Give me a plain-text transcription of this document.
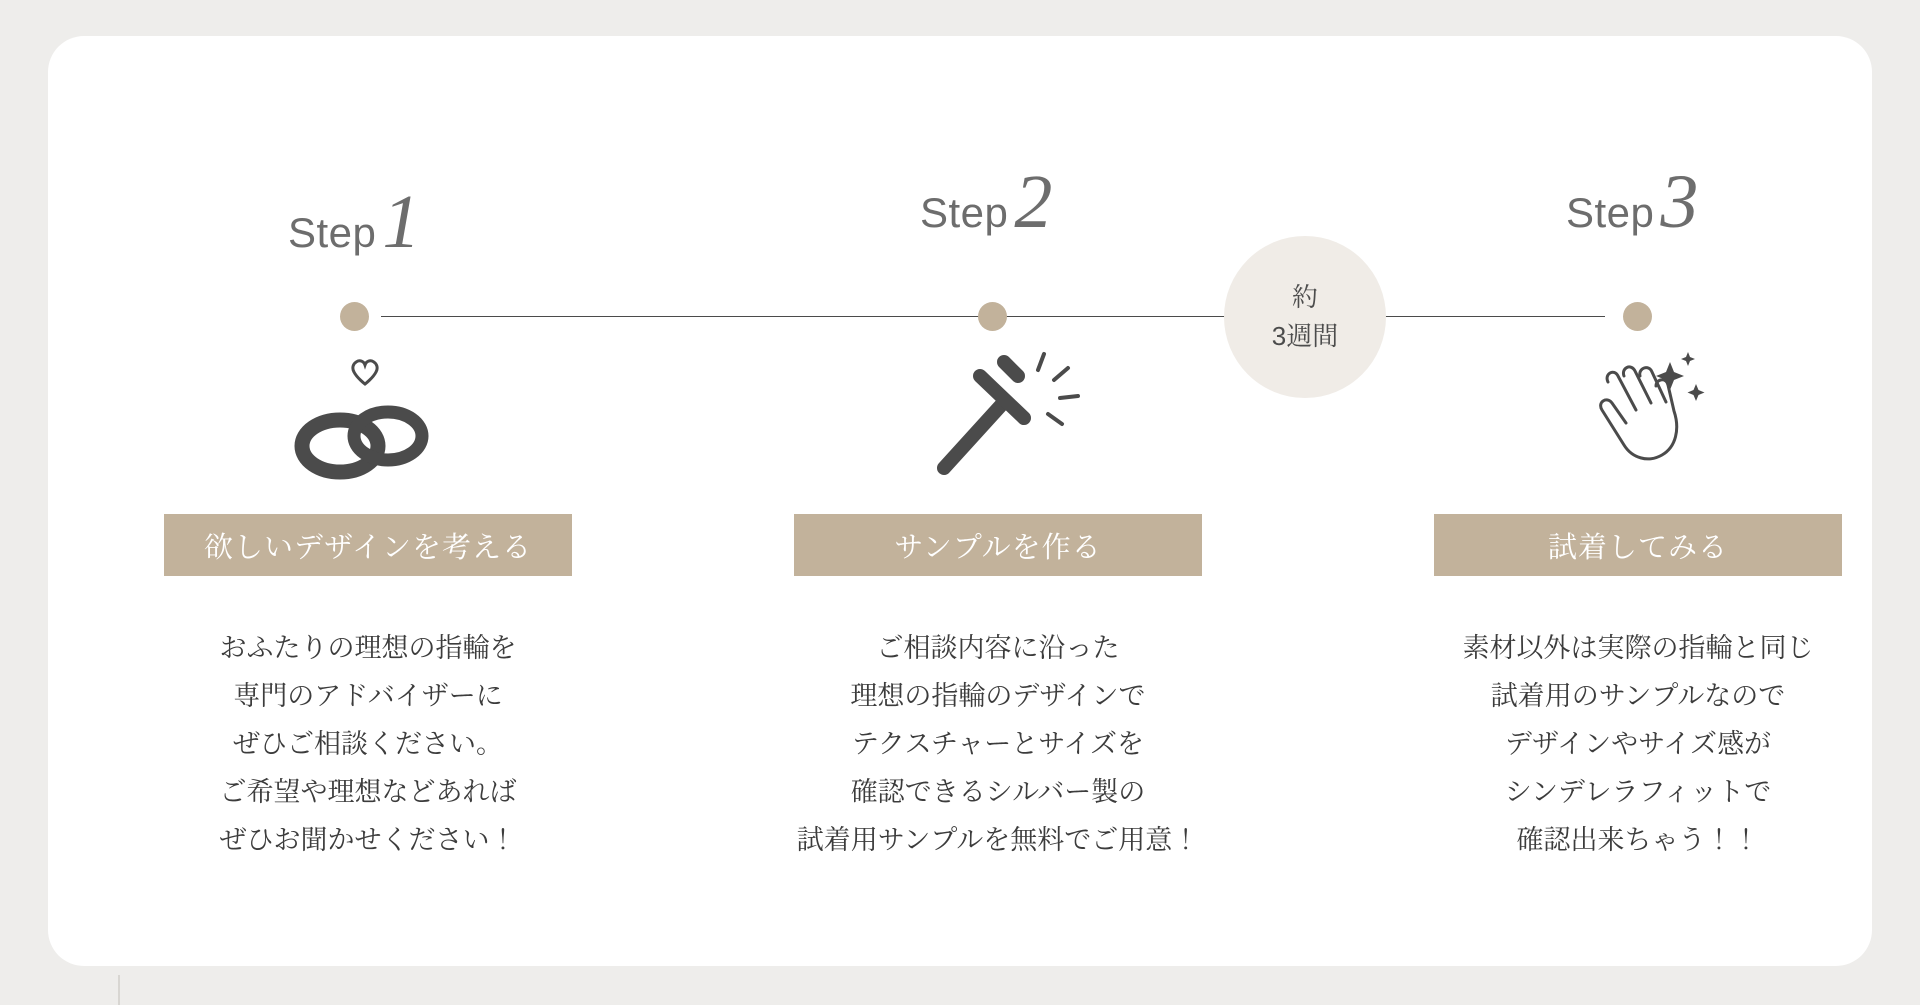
Step 1	Step 2	Step 3
約
3週間
欲しいデザインを考える
おふたりの理想の指輪を
専門のアドバイザーに
ぜひご相談ください。
ご希望や理想などあれば
ぜひお聞かせください！
サンプルを作る
ご相談内容に沿った
理想の指輪のデザインで
テクスチャーとサイズを
確認できるシルバー製の
試着用サンプルを無料でご用意！
試着してみる
素材以外は実際の指輪と同じ
試着用のサンプルなので
デザインやサイズ感が
シンデレラフィットで
確認出来ちゃう！！
